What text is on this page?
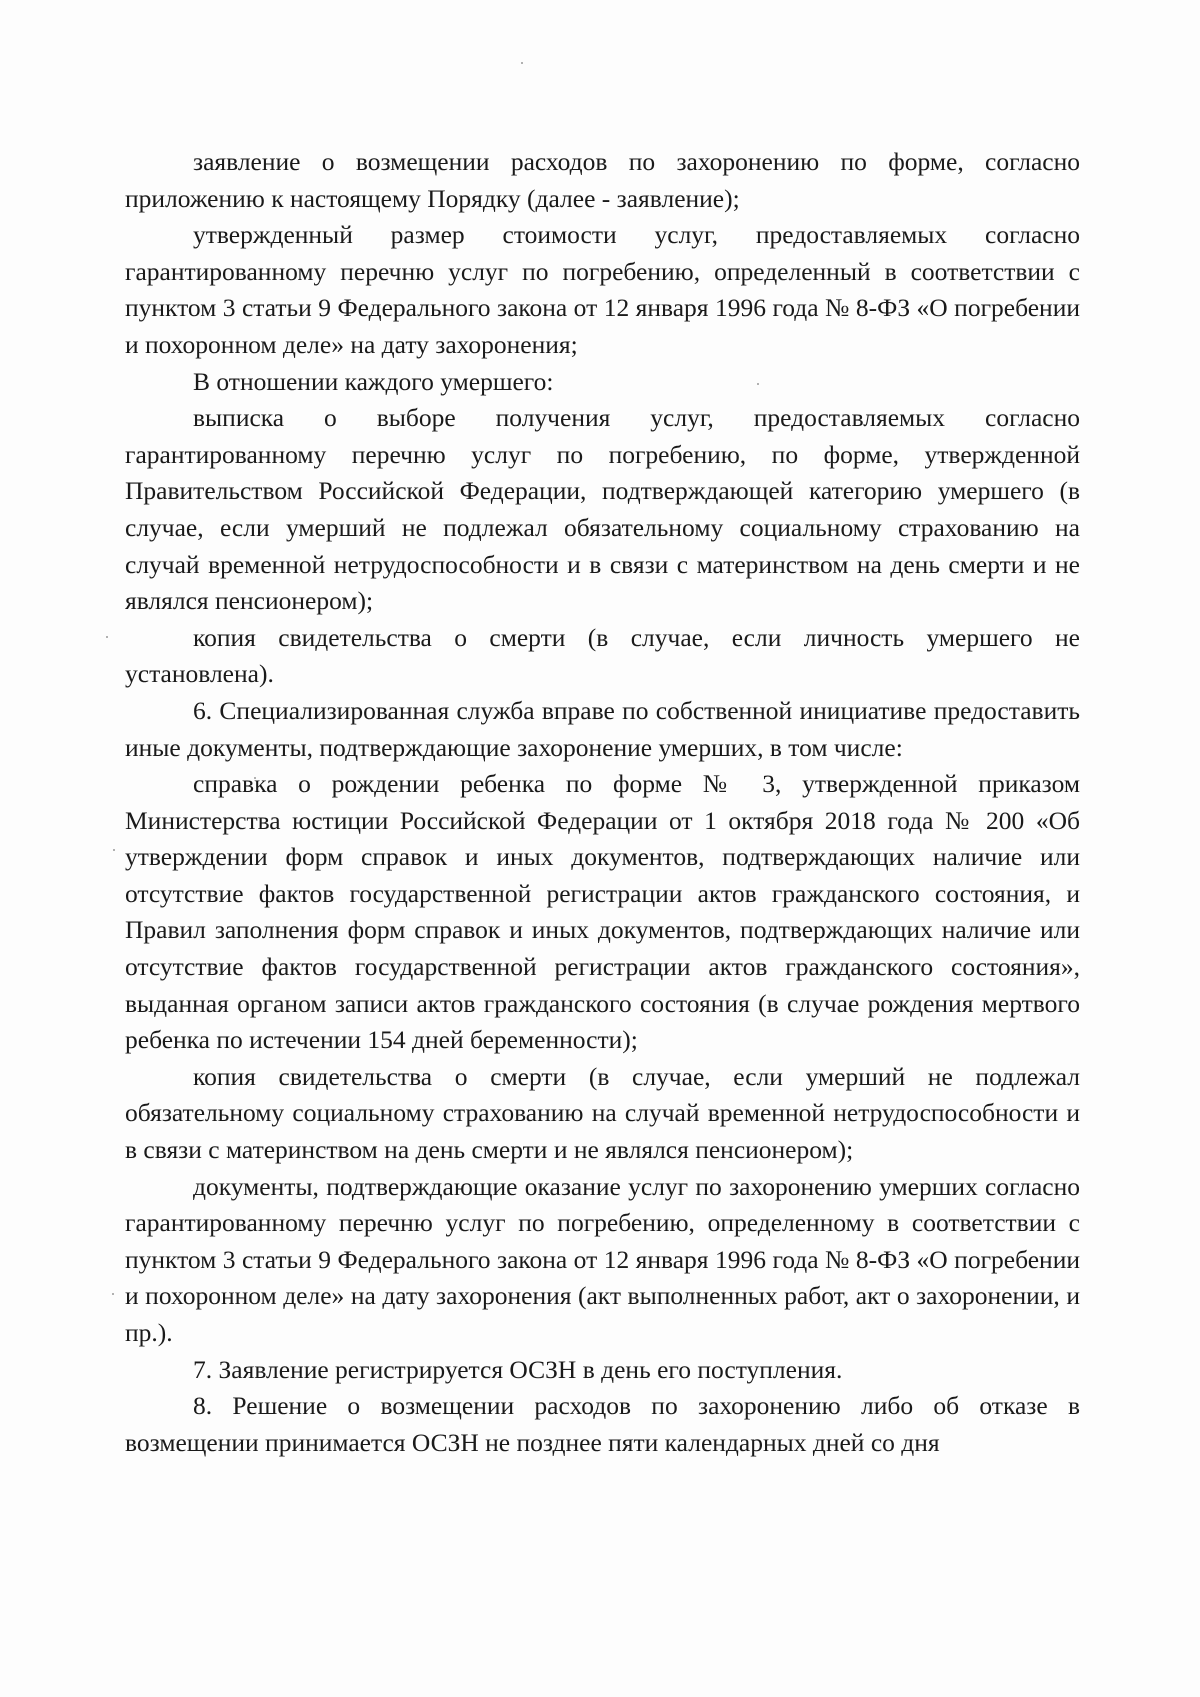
заявление о возмещении расходов по захоронению по форме, согласно приложению к настоящему Порядку (далее - заявление);

утвержденный размер стоимости услуг, предоставляемых согласно гарантированному перечню услуг по погребению, определенный в соответствии с пунктом 3 статьи 9 Федерального закона от 12 января 1996 года № 8-ФЗ «О погребении и похоронном деле» на дату захоронения;

В отношении каждого умершего:

выписка о выборе получения услуг, предоставляемых согласно гарантированному перечню услуг по погребению, по форме, утвержденной Правительством Российской Федерации, подтверждающей категорию умершего (в случае, если умерший не подлежал обязательному социальному страхованию на случай временной нетрудоспособности и в связи с материнством на день смерти и не являлся пенсионером);

копия свидетельства о смерти (в случае, если личность умершего не установлена).

6. Специализированная служба вправе по собственной инициативе предоставить иные документы, подтверждающие захоронение умерших, в том числе:

справка о рождении ребенка по форме № 3, утвержденной приказом Министерства юстиции Российской Федерации от 1 октября 2018 года № 200 «Об утверждении форм справок и иных документов, подтверждающих наличие или отсутствие фактов государственной регистрации актов гражданского состояния, и Правил заполнения форм справок и иных документов, подтверждающих наличие или отсутствие фактов государственной регистрации актов гражданского состояния», выданная органом записи актов гражданского состояния (в случае рождения мертвого ребенка по истечении 154 дней беременности);

копия свидетельства о смерти (в случае, если умерший не подлежал обязательному социальному страхованию на случай временной нетрудоспособности и в связи с материнством на день смерти и не являлся пенсионером);

документы, подтверждающие оказание услуг по захоронению умерших согласно гарантированному перечню услуг по погребению, определенному в соответствии с пунктом 3 статьи 9 Федерального закона от 12 января 1996 года № 8-ФЗ «О погребении и похоронном деле» на дату захоронения (акт выполненных работ, акт о захоронении, и пр.).

7. Заявление регистрируется ОСЗН в день его поступления.

8. Решение о возмещении расходов по захоронению либо об отказе в возмещении принимается ОСЗН не позднее пяти календарных дней со дня
